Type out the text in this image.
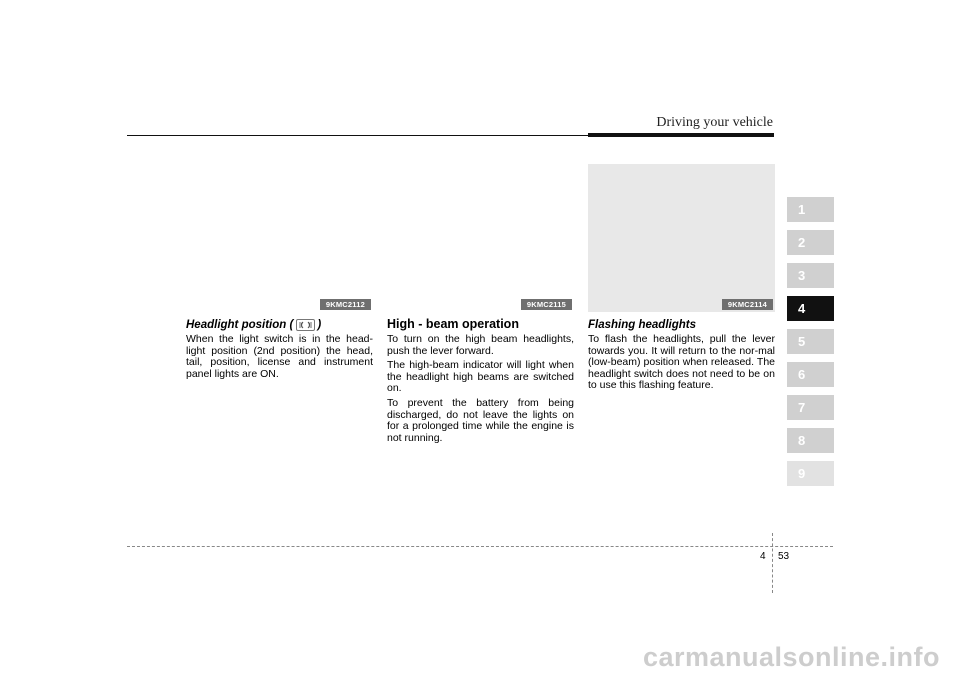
Driving your vehicle
9KMC2112
Headlight position ( )

When the light switch is in the head-light position (2nd position) the head, tail, position, license and instrument panel lights are ON.

9KMC2115
High - beam operation

To turn on the high beam headlights, push the lever forward.

The high-beam indicator will light when the headlight high beams are switched on.

To prevent the battery from being discharged, do not leave the lights on for a prolonged time while the engine is not running.

9KMC2114
Flashing headlights

To flash the headlights, pull the lever towards you. It will return to the nor-mal (low-beam) position when released. The headlight switch does not need to be on to use this flashing feature.

1
2
3
4
5
6
7
8
9
4 53
carmanualsonline.info
